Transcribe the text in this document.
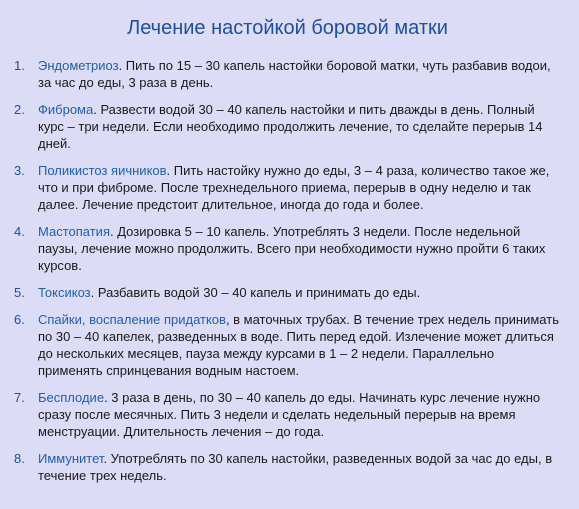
Лечение настойкой боровой матки
1.	Эндометриоз. Пить по 15 – 30 капель настойки боровой матки, чуть разбавив водои, за час до еды, 3 раза в день.
2.	Фиброма. Развести водой 30 – 40 капель настойки и пить дважды в день. Полный курс – три недели. Если необходимо продолжить лечение, то сделайте перерыв 14 дней.
3.	Поликистоз яичников. Пить настойку нужно до еды, 3 – 4 раза, количество такое же, что и при фиброме. После трехнедельного приема, перерыв в одну неделю и так далее. Лечение предстоит длительное, иногда до года и более.
4.	Мастопатия. Дозировка 5 – 10 капель. Употреблять 3 недели. После недельной паузы, лечение можно продолжить. Всего при необходимости нужно пройти 6 таких курсов.
5.	Токсикоз. Разбавить водой 30 – 40 капель и принимать до еды.
6.	Спайки, воспаление придатков, в маточных трубах. В течение трех недель принимать по 30 – 40 капелек, разведенных в воде. Пить перед едой. Излечение может длиться до нескольких месяцев, пауза между курсами в 1 – 2 недели. Параллельно применять спринцевания водным настоем.
7.	Бесплодие. 3 раза в день, по 30 – 40 капель до еды. Начинать курс лечение нужно сразу после месячных. Пить 3 недели и сделать недельный перерыв на время менструации. Длительность лечения – до года.
8.	Иммунитет. Употреблять по 30 капель настойки, разведенных водой за час до еды, в течение трех недель.
